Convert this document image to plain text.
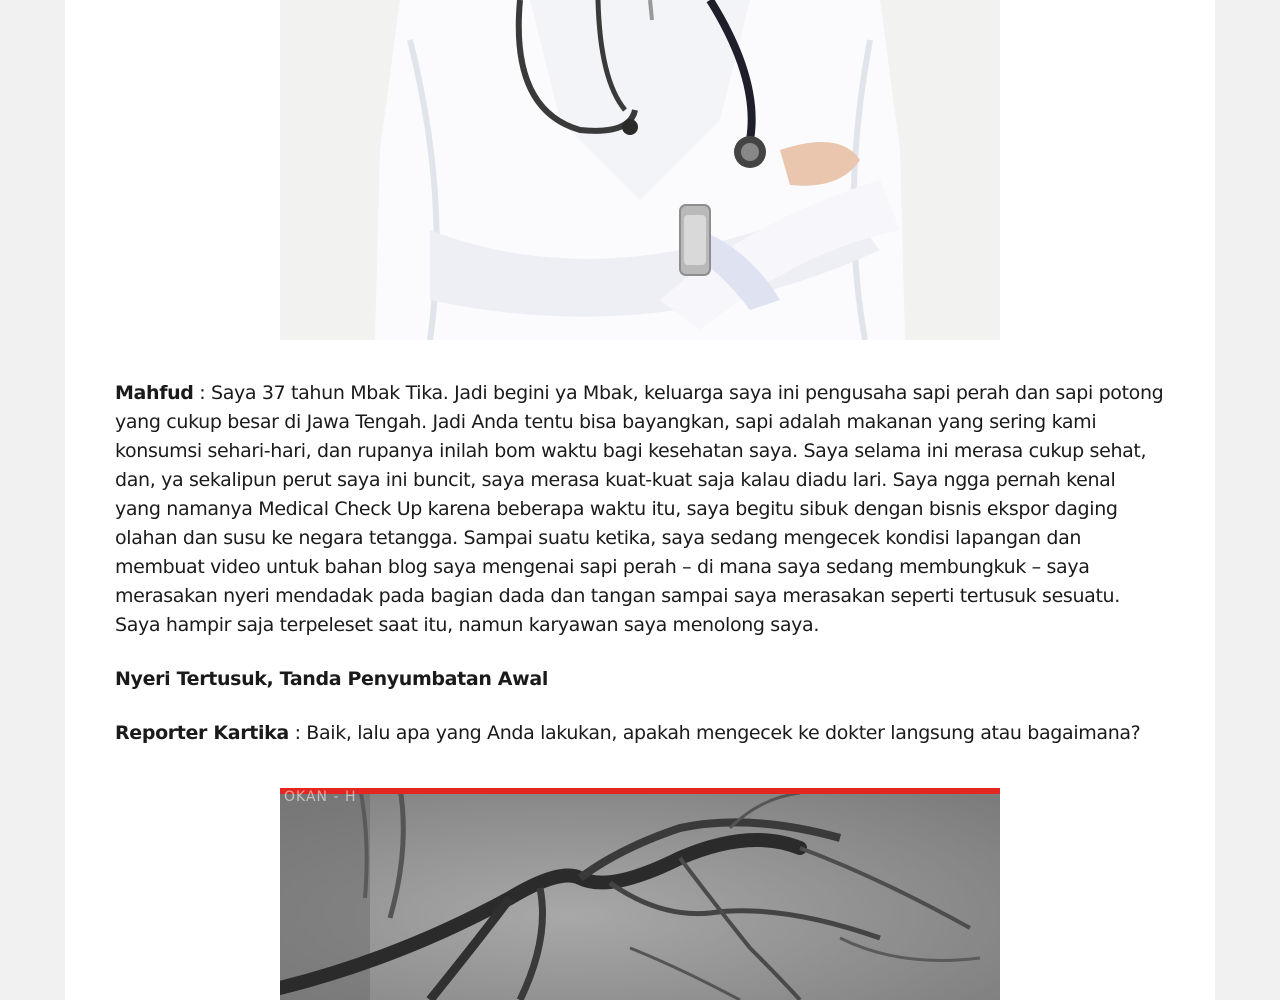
Mahfud : Saya 37 tahun Mbak Tika. Jadi begini ya Mbak, keluarga saya ini pengusaha sapi perah dan sapi potong yang cukup besar di Jawa Tengah. Jadi Anda tentu bisa bayangkan, sapi adalah makanan yang sering kami konsumsi sehari-hari, dan rupanya inilah bom waktu bagi kesehatan saya. Saya selama ini merasa cukup sehat, dan, ya sekalipun perut saya ini buncit, saya merasa kuat-kuat saja kalau diadu lari. Saya ngga pernah kenal yang namanya Medical Check Up karena beberapa waktu itu, saya begitu sibuk dengan bisnis ekspor daging olahan dan susu ke negara tetangga. Sampai suatu ketika, saya sedang mengecek kondisi lapangan dan membuat video untuk bahan blog saya mengenai sapi perah – di mana saya sedang membungkuk – saya merasakan nyeri mendadak pada bagian dada dan tangan sampai saya merasakan seperti tertusuk sesuatu. Saya hampir saja terpeleset saat itu, namun karyawan saya menolong saya.

Nyeri Tertusuk, Tanda Penyumbatan Awal

Reporter Kartika : Baik, lalu apa yang Anda lakukan, apakah mengecek ke dokter langsung atau bagaimana?

OKAN - H
